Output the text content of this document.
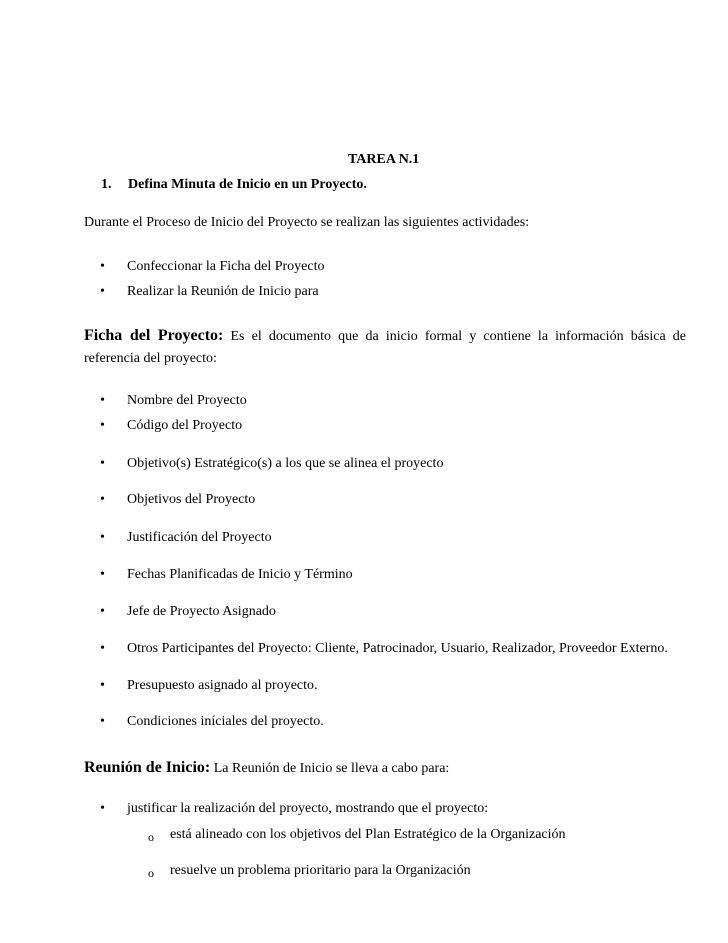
TAREA N.1
1. Defina Minuta de Inicio en un Proyecto.
Durante el Proceso de Inicio del Proyecto se realizan las siguientes actividades:
• Confeccionar la Ficha del Proyecto
• Realizar la Reunión de Inicio para
Ficha del Proyecto: Es el documento que da inicio formal y contiene la información básica de
referencia del proyecto:
• Nombre del Proyecto
• Código del Proyecto
• Objetivo(s) Estratégico(s) a los que se alinea el proyecto
• Objetivos del Proyecto
• Justificación del Proyecto
• Fechas Planificadas de Inicio y Término
• Jefe de Proyecto Asignado
• Otros Participantes del Proyecto: Cliente, Patrocinador, Usuario, Realizador, Proveedor Externo.
• Presupuesto asignado al proyecto.
• Condiciones iníciales del proyecto.
Reunión de Inicio: La Reunión de Inicio se lleva a cabo para:
• justificar la realización del proyecto, mostrando que el proyecto:
o está alineado con los objetivos del Plan Estratégico de la Organización
o resuelve un problema prioritario para la Organización
